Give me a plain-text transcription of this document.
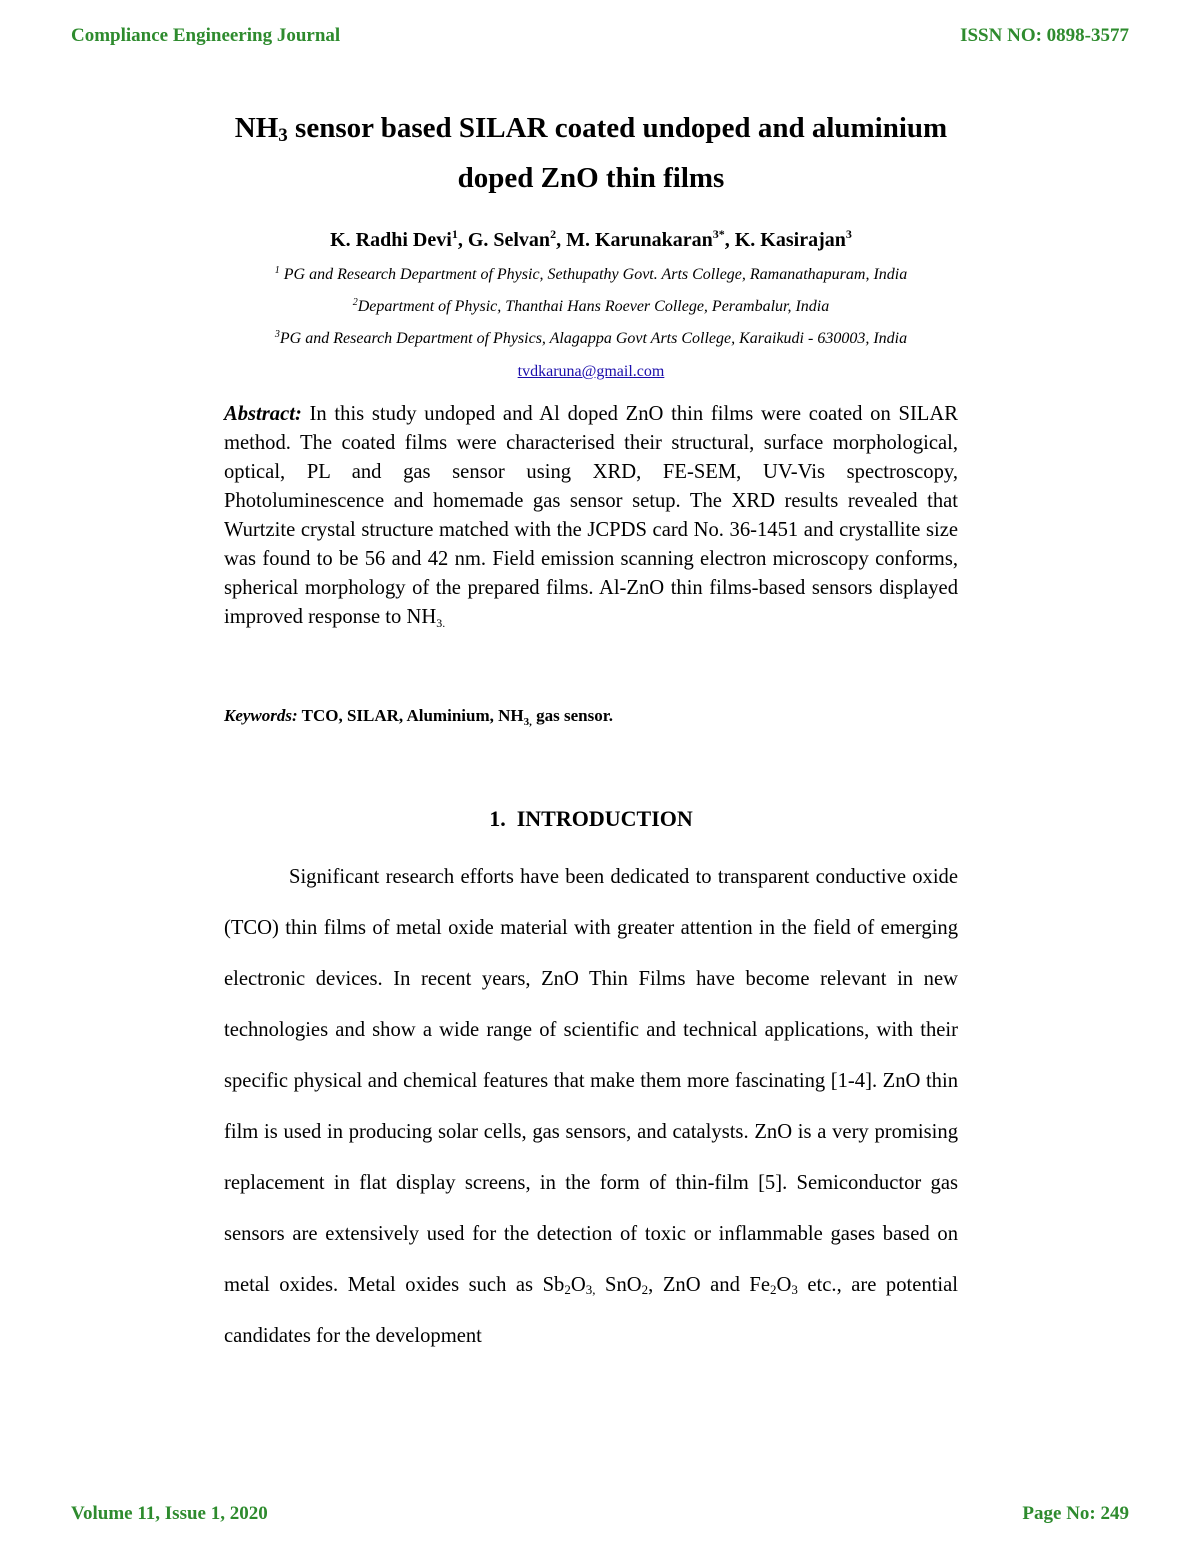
Compliance Engineering Journal	ISSN NO: 0898-3577
$NH_3$ sensor based SILAR coated undoped and aluminium
doped ZnO thin films
K. Radhi Devi$^1$, G. Selvan$^2$, M. Karunakaran$^{3*}$, K. Kasirajan$^3$
$^1$ PG and Research Department of Physic, Sethupathy Govt. Arts College, Ramanathapuram, India
$^2$Department of Physic, Thanthai Hans Roever College, Perambalur, India
$^3$PG and Research Department of Physics, Alagappa Govt Arts College, Karaikudi - 630003, India
tvdkaruna@gmail.com

Abstract: In this study undoped and Al doped ZnO thin films were coated on SILAR method. The coated films were characterised their structural, surface morphological, optical, PL and gas sensor using XRD, FE-SEM, UV-Vis spectroscopy, Photoluminescence and homemade gas sensor setup. The XRD results revealed that Wurtzite crystal structure matched with the JCPDS card No. 36-1451 and crystallite size was found to be 56 and 42 nm. Field emission scanning electron microscopy conforms, spherical morphology of the prepared films. Al-ZnO thin films-based sensors displayed improved response to $NH_{3.}$

Keywords: TCO, SILAR, Aluminium, $NH_{3,}$ gas sensor.
1. INTRODUCTION

Significant research efforts have been dedicated to transparent conductive oxide (TCO) thin films of metal oxide material with greater attention in the field of emerging electronic devices. In recent years, ZnO Thin Films have become relevant in new technologies and show a wide range of scientific and technical applications, with their specific physical and chemical features that make them more fascinating [1-4]. ZnO thin film is used in producing solar cells, gas sensors, and catalysts. ZnO is a very promising replacement in flat display screens, in the form of thin-film [5]. Semiconductor gas sensors are extensively used for the detection of toxic or inflammable gases based on metal oxides. Metal oxides such as $Sb_2O_{3,}$ SnO$_2$, ZnO and $Fe_2O_3$ etc., are potential candidates for the development

Volume 11, Issue 1, 2020	Page No: 249
